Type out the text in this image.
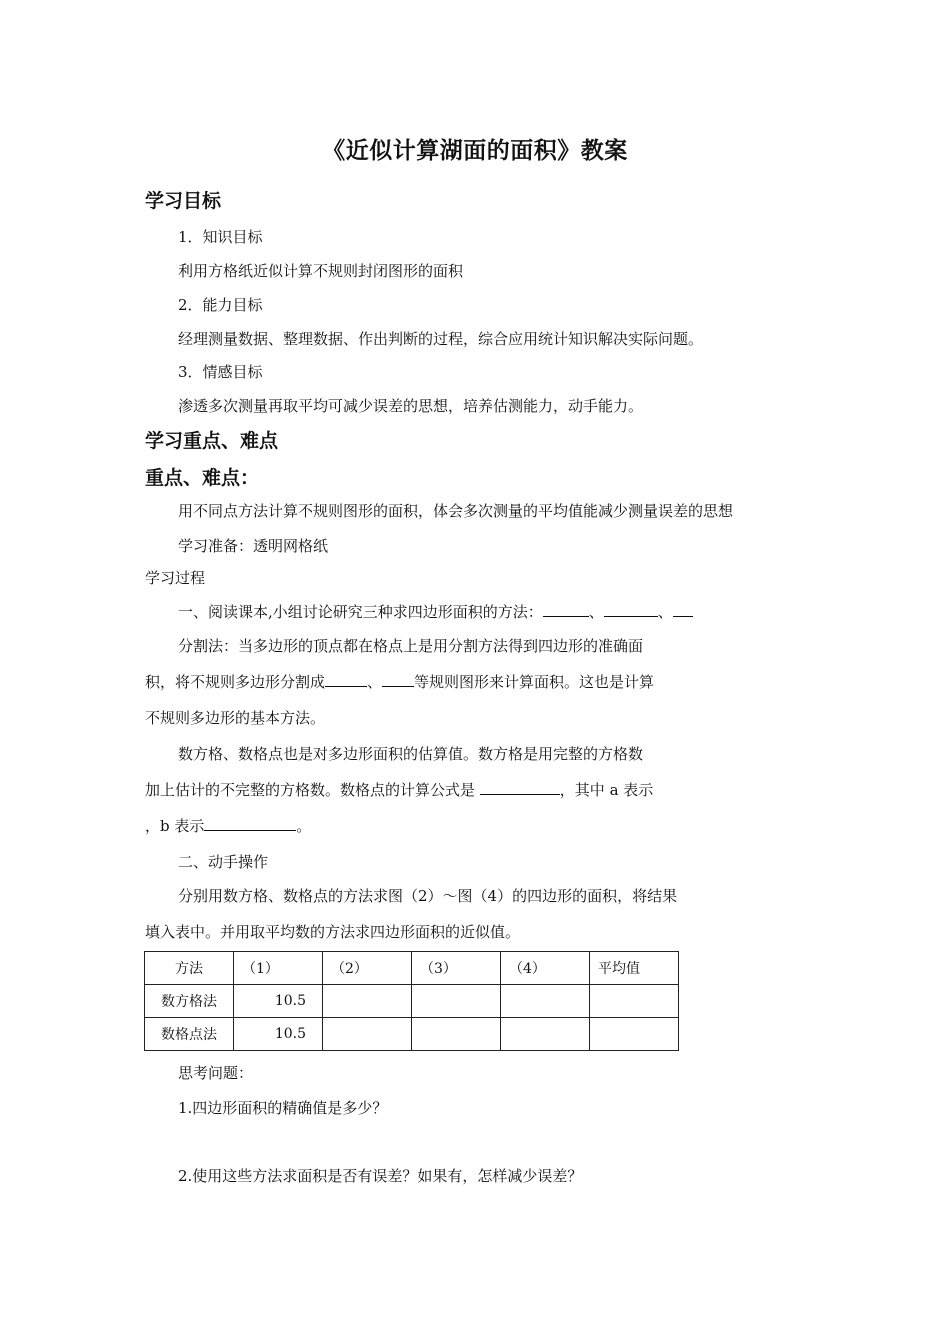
《近似计算湖面的面积》教案
学习目标
1．知识目标
利用方格纸近似计算不规则封闭图形的面积
2．能力目标
经理测量数据、整理数据、作出判断的过程，综合应用统计知识解决实际问题。
3．情感目标
渗透多次测量再取平均可减少误差的思想，培养估测能力，动手能力。
学习重点、难点
重点、难点：
用不同点方法计算不规则图形的面积，体会多次测量的平均值能减少测量误差的思想
学习准备：透明网格纸
学习过程
一、阅读课本,小组讨论研究三种求四边形面积的方法：	、	、
分割法：当多边形的顶点都在格点上是用分割方法得到四边形的准确面
积，将不规则多边形分割成	、 等规则图形来计算面积。这也是计算
不规则多边形的基本方法。
数方格、数格点也是对多边形面积的估算值。数方格是用完整的方格数
加上估计的不完整的方格数。数格点的计算公式是	，其中 a 表示
，b 表示	。
二、动手操作
分别用数方格、数格点的方法求图（2）～图（4）的四边形的面积，将结果
填入表中。并用取平均数的方法求四边形面积的近似值。
方法	（1）	（2）	（3）	（4）	平均值
数方格法	10.5				
数格点法	10.5				
思考问题：
1.四边形面积的精确值是多少？
2.使用这些方法求面积是否有误差？如果有，怎样减少误差？
